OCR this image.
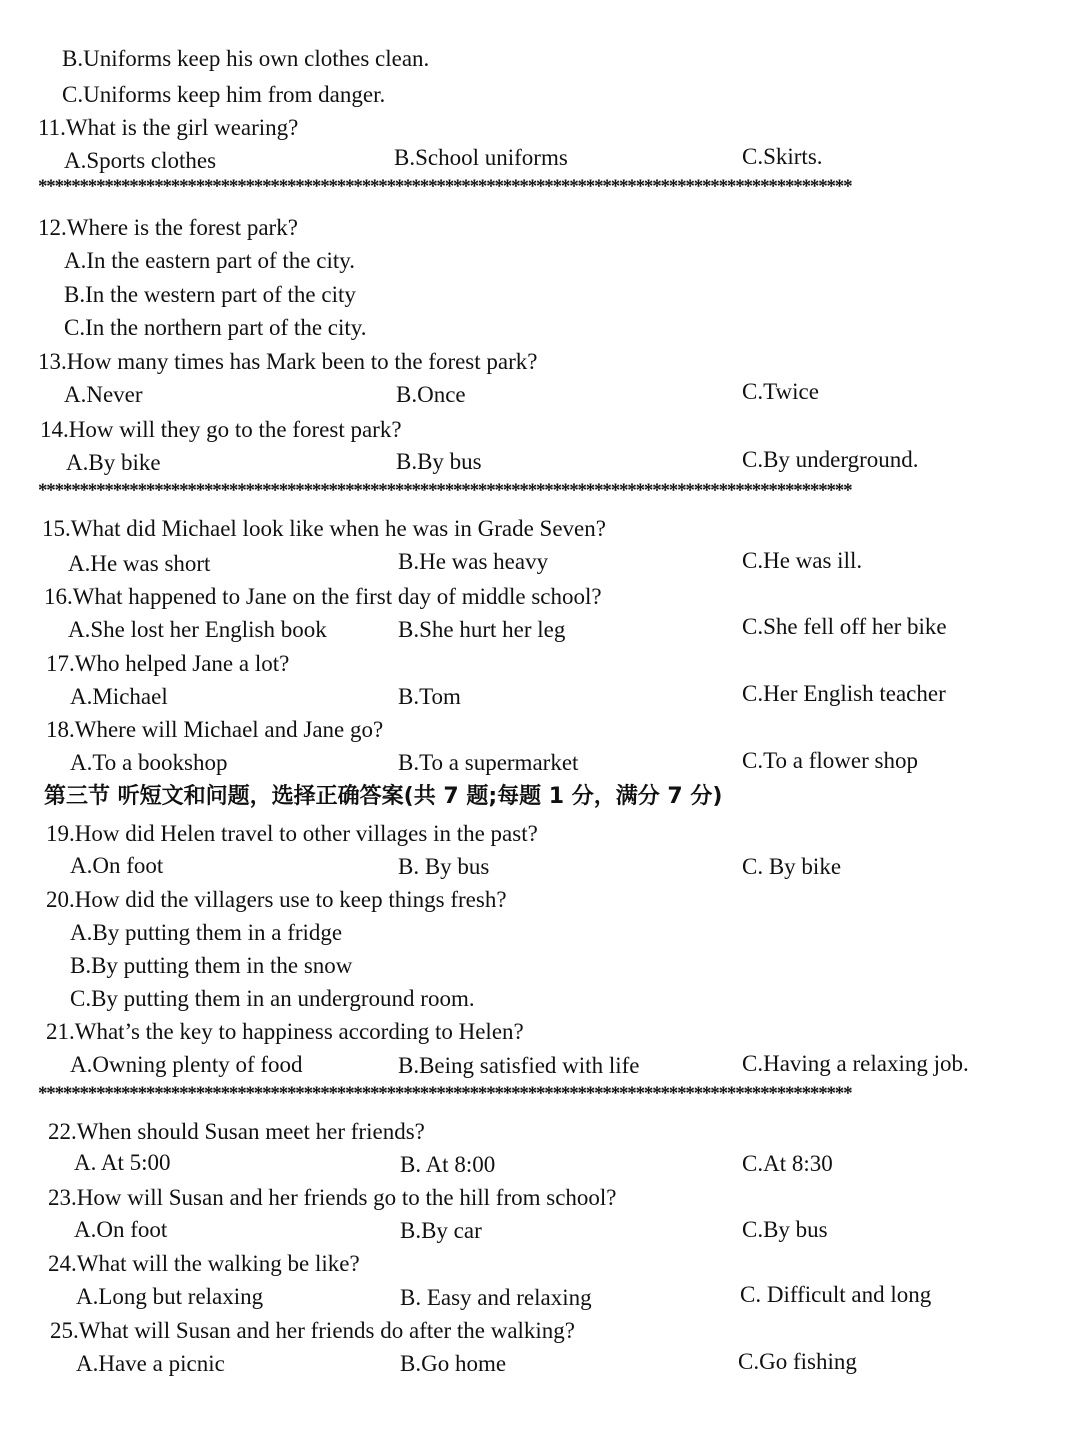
B.Uniforms keep his own clothes clean.
C.Uniforms keep him from danger.
11.What is the girl wearing?
A.Sports clothes	B.School uniforms	C.Skirts.
**************************************************************************************************
12.Where is the forest park?
A.In the eastern part of the city.
B.In the western part of the city
C.In the northern part of the city.
13.How many times has Mark been to the forest park?
A.Never	B.Once	C.Twice
14.How will they go to the forest park?
A.By bike	B.By bus	C.By underground.
**************************************************************************************************
15.What did Michael look like when he was in Grade Seven?
A.He was short	B.He was heavy	C.He was ill.
16.What happened to Jane on the first day of middle school?
A.She lost her English book	B.She hurt her leg	C.She fell off her bike
17.Who helped Jane a lot?
A.Michael	B.Tom	C.Her English teacher
18.Where will Michael and Jane go?
A.To a bookshop	B.To a supermarket	C.To a flower shop
第三节 听短文和问题，选择正确答案(共 7 题;每题 1 分，满分 7 分)
19.How did Helen travel to other villages in the past?
A.On foot	B. By bus	C. By bike
20.How did the villagers use to keep things fresh?
A.By putting them in a fridge
B.By putting them in the snow
C.By putting them in an underground room.
21.What’s the key to happiness according to Helen?
A.Owning plenty of food	B.Being satisfied with life	C.Having a relaxing job.
**************************************************************************************************
22.When should Susan meet her friends?
A. At 5:00	B. At 8:00	C.At 8:30
23.How will Susan and her friends go to the hill from school?
A.On foot	B.By car	C.By bus
24.What will the walking be like?
A.Long but relaxing	B. Easy and relaxing	C. Difficult and long
25.What will Susan and her friends do after the walking?
A.Have a picnic	B.Go home	C.Go fishing
